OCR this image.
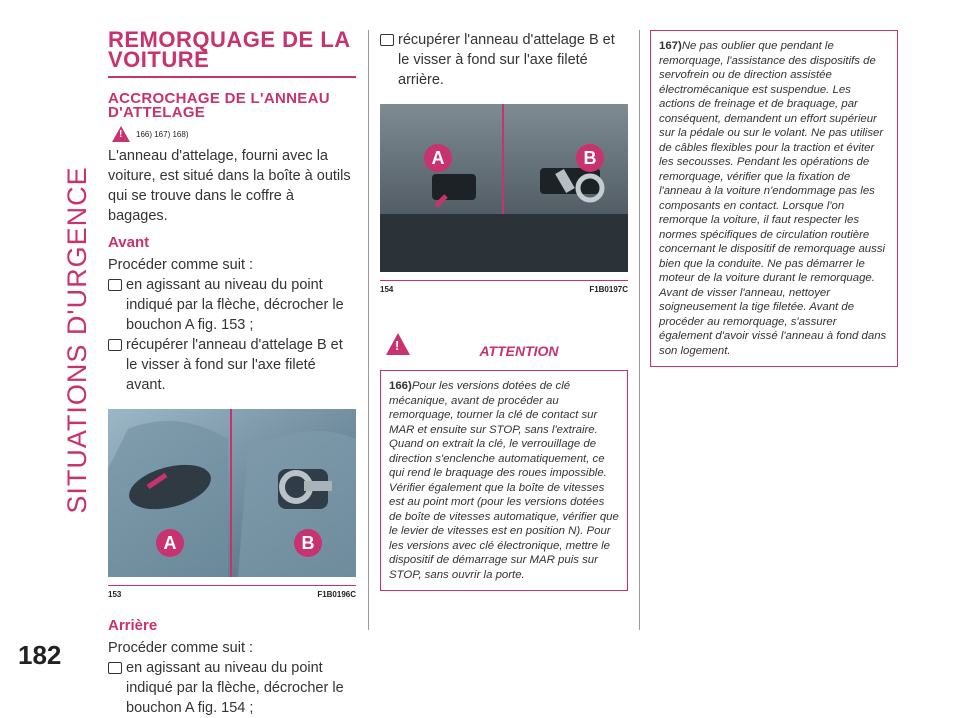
SITUATIONS D'URGENCE
182
REMORQUAGE DE LA VOITURE
ACCROCHAGE DE L'ANNEAU D'ATTELAGE
! 166) 167) 168)

L'anneau d'attelage, fourni avec la voiture, est situé dans la boîte à outils qui se trouve dans le coffre à bagages.

Avant

Procéder comme suit :

en agissant au niveau du point indiqué par la flèche, décrocher le bouchon A fig. 153 ;

récupérer l'anneau d'attelage B et le visser à fond sur l'axe fileté avant.

A	B
153	F1B0196C
Arrière

Procéder comme suit :

en agissant au niveau du point indiqué par la flèche, décrocher le bouchon A fig. 154 ;

récupérer l'anneau d'attelage B et le visser à fond sur l'axe fileté arrière.

A	B
154	F1B0197C
!	ATTENTION

166)Pour les versions dotées de clé mécanique, avant de procéder au remorquage, tourner la clé de contact sur MAR et ensuite sur STOP, sans l'extraire. Quand on extrait la clé, le verrouillage de direction s'enclenche automatiquement, ce qui rend le braquage des roues impossible. Vérifier également que la boîte de vitesses est au point mort (pour les versions dotées de boîte de vitesses automatique, vérifier que le levier de vitesses est en position N). Pour les versions avec clé électronique, mettre le dispositif de démarrage sur MAR puis sur STOP, sans ouvrir la porte.

167)Ne pas oublier que pendant le remorquage, l'assistance des dispositifs de servofrein ou de direction assistée électromécanique est suspendue. Les actions de freinage et de braquage, par conséquent, demandent un effort supérieur sur la pédale ou sur le volant. Ne pas utiliser de câbles flexibles pour la traction et éviter les secousses. Pendant les opérations de remorquage, vérifier que la fixation de l'anneau à la voiture n'endommage pas les composants en contact. Lorsque l'on remorque la voiture, il faut respecter les normes spécifiques de circulation routière concernant le dispositif de remorquage aussi bien que la conduite. Ne pas démarrer le moteur de la voiture durant le remorquage. Avant de visser l'anneau, nettoyer soigneusement la tige filetée. Avant de procéder au remorquage, s'assurer également d'avoir vissé l'anneau à fond dans son logement.
